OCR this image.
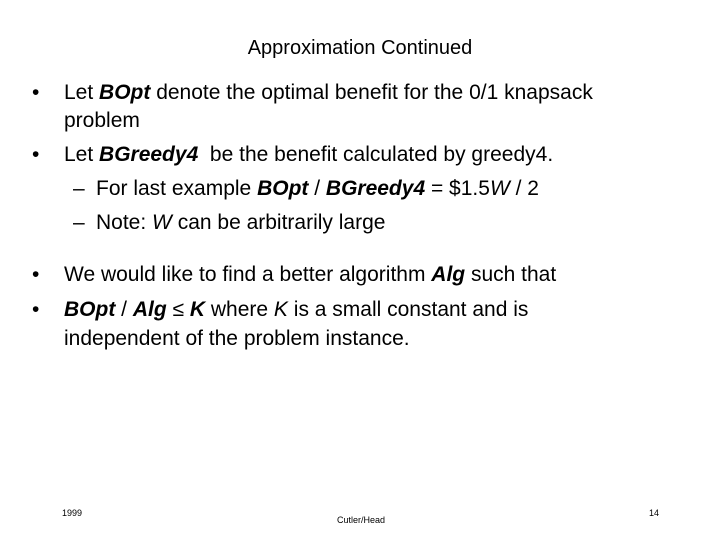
Approximation Continued
• Let BOpt denote the optimal benefit for the 0/1 knapsack
problem
• Let BGreedy4  be the benefit calculated by greedy4.
– For last example BOpt / BGreedy4 = $1.5W / 2
– Note: W can be arbitrarily large
• We would like to find a better algorithm Alg such that
• BOpt / Alg ≤ K where K is a small constant and is
independent of the problem instance.
1999
Cutler/Head
14
